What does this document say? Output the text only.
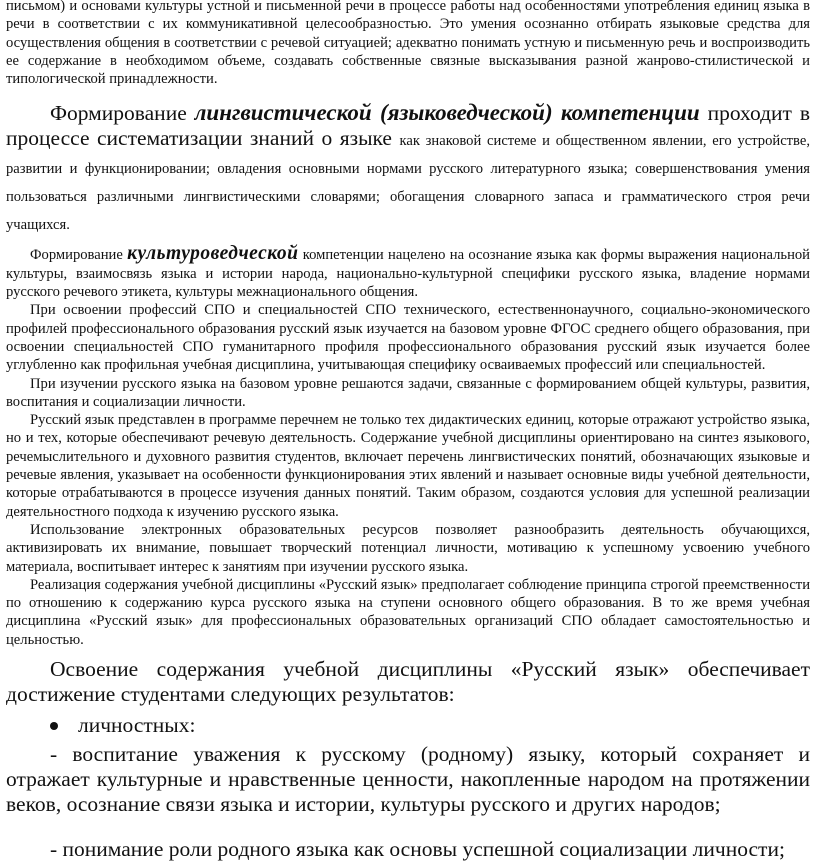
письмом) и основами культуры устной и письменной речи в процессе работы над особенностями употребления единиц языка в речи в соответствии с их коммуникативной целесообразностью. Это умения осознанно отбирать языковые средства для осуществления общения в соответствии с речевой ситуацией; адекватно понимать устную и письменную речь и воспроизводить ее содержание в необходимом объеме, создавать собственные связные высказывания разной жанрово-стилистической и типологической принадлежности.

Формирование лингвистической (языковедческой) компетенции проходит в процессе систематизации знаний о языке как знаковой системе и общественном явлении, его устройстве, развитии и функционировании; овладения основными нормами русского литературного языка; совершенствования умения пользоваться различными лингвистическими словарями; обогащения словарного запаса и грамматического строя речи учащихся.

Формирование культуроведческой компетенции нацелено на осознание языка как формы выражения национальной культуры, взаимосвязь языка и истории народа, национально-культурной специфики русского языка, владение нормами русского речевого этикета, культуры межнационального общения.

При освоении профессий СПО и специальностей СПО технического, естественнонаучного, социально-экономического профилей профессионального образования русский язык изучается на базовом уровне ФГОС среднего общего образования, при освоении специальностей СПО гуманитарного профиля профессионального образования русский язык изучается более углубленно как профильная учебная дисциплина, учитывающая специфику осваиваемых профессий или специальностей.

При изучении русского языка на базовом уровне решаются задачи, связанные с формированием общей культуры, развития, воспитания и социализации личности.

Русский язык представлен в программе перечнем не только тех дидактических единиц, которые отражают устройство языка, но и тех, которые обеспечивают речевую деятельность. Содержание учебной дисциплины ориентировано на синтез языкового, речемыслительного и духовного развития студентов, включает перечень лингвистических понятий, обозначающих языковые и речевые явления, указывает на особенности функционирования этих явлений и называет основные виды учебной деятельности, которые отрабатываются в процессе изучения данных понятий. Таким образом, создаются условия для успешной реализации деятельностного подхода к изучению русского языка.

Использование электронных образовательных ресурсов позволяет разнообразить деятельность обучающихся, активизировать их внимание, повышает творческий потенциал личности, мотивацию к успешному усвоению учебного материала, воспитывает интерес к занятиям при изучении русского языка.

Реализация содержания учебной дисциплины «Русский язык» предполагает соблюдение принципа строгой преемственности по отношению к содержанию курса русского языка на ступени основного общего образования. В то же время учебная дисциплина «Русский язык» для профессиональных образовательных организаций СПО обладает самостоятельностью и цельностью.

Освоение содержания учебной дисциплины «Русский язык» обеспечивает достижение студентами следующих результатов:

личностных:

- воспитание уважения к русскому (родному) языку, который сохраняет и отражает культурные и нравственные ценности, накопленные народом на протяжении веков, осознание связи языка и истории, культуры русского и других народов;

- понимание роли родного языка как основы успешной социализации личности;
